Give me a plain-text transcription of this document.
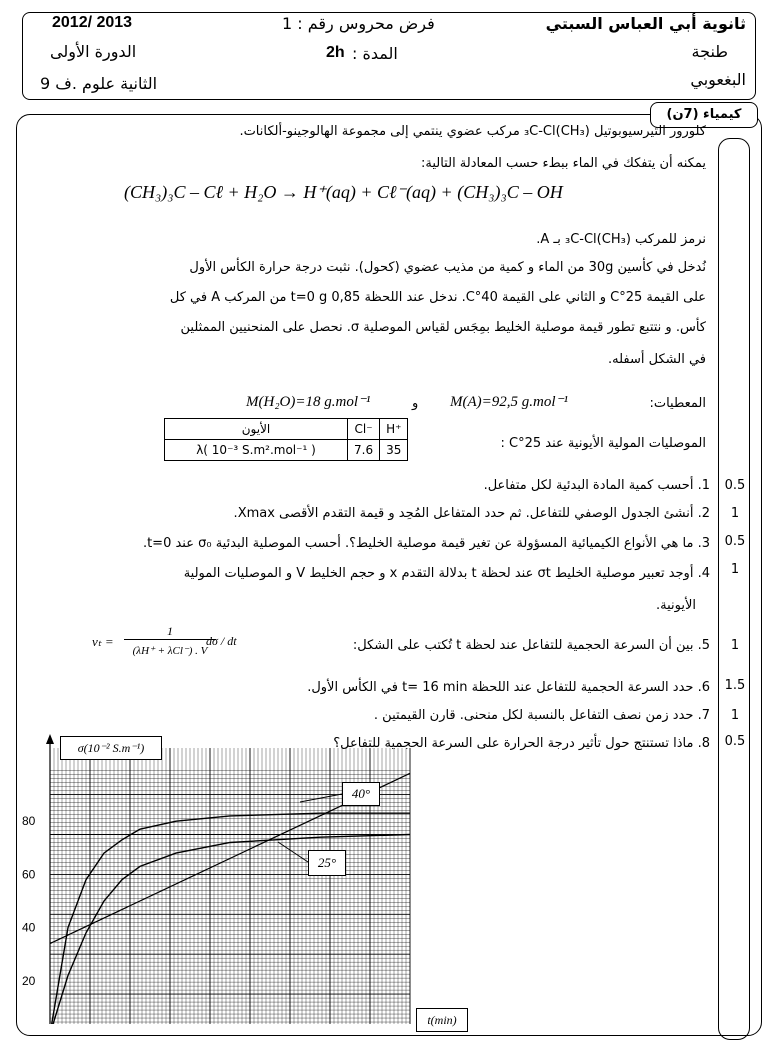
ثانوية أبي العباس السبتي
طنجة
البغعوبي
فرض محروس رقم : 1
المدة :
2h
2012/ 2013
الدورة الأولى
الثانية علوم .ف 9
كيمياء (7ن)
كلورور الثيرسيوبوتيل (CH₃)₃C-Cl مركب عضوي ينتمي إلى مجموعة الهالوجينو-ألكانات.
يمكنه أن يتفكك في الماء ببطء حسب المعادلة التالية:
(CH₃)₃C – Cℓ + H₂O → H⁺(aq) + Cℓ⁻(aq) + (CH₃)₃C – OH
نرمز للمركب (CH₃)₃C-Cl بـ A.
نُدخل في كأسين 30g من الماء و كمية من مذيب عضوي (كحول). نثبت درجة حرارة الكأس الأول
على القيمة 25°C و الثاني على القيمة 40°C. ندخل عند اللحظة t=0 g 0,85 من المركب A في كل
كأس. و نتتبع تطور قيمة موصلية الخليط بمِجَس لقياس الموصلية σ. نحصل على المنحنيين الممثلين
في الشكل أسفله.
المعطيات:
M(A)=92,5 g.mol⁻¹
و
M(H₂O)=18 g.mol⁻¹
الموصليات المولية الأيونية عند 25°C :
الأيون	Cl⁻	H⁺
λ( 10⁻³ S.m².mol⁻¹ )	7.6	35
1. أحسب كمية المادة البدئية لكل متفاعل.	0.5
2. أنشئ الجدول الوصفي للتفاعل. ثم حدد المتفاعل المُحِد و قيمة التقدم الأقصى Xmax.	1
3. ما هي الأنواع الكيميائية المسؤولة عن تغير قيمة موصلية الخليط؟. أحسب الموصلية البدئية σ₀ عند t=0.	0.5
4. أوجد تعبير موصلية الخليط σt عند لحظة t بدلالة التقدم x و حجم الخليط V و الموصليات المولية	1
الأيونية.
5. بين أن السرعة الحجمية للتفاعل عند لحظة t تُكتب على الشكل:	1
vₜ =
1
(λH⁺ + λCl⁻) . V
dσ / dt
6. حدد السرعة الحجمية للتفاعل عند اللحظة t= 16 min في الكأس الأول.	1.5
7. حدد زمن نصف التفاعل بالنسبة لكل منحنى. قارن القيمتين .	1
8. ماذا تستنتج حول تأثير درجة الحرارة على السرعة الحجمية للتفاعل؟	0.5
20
40
60
80
σ(10⁻² S.m⁻¹)
40°
25°
t(min)
